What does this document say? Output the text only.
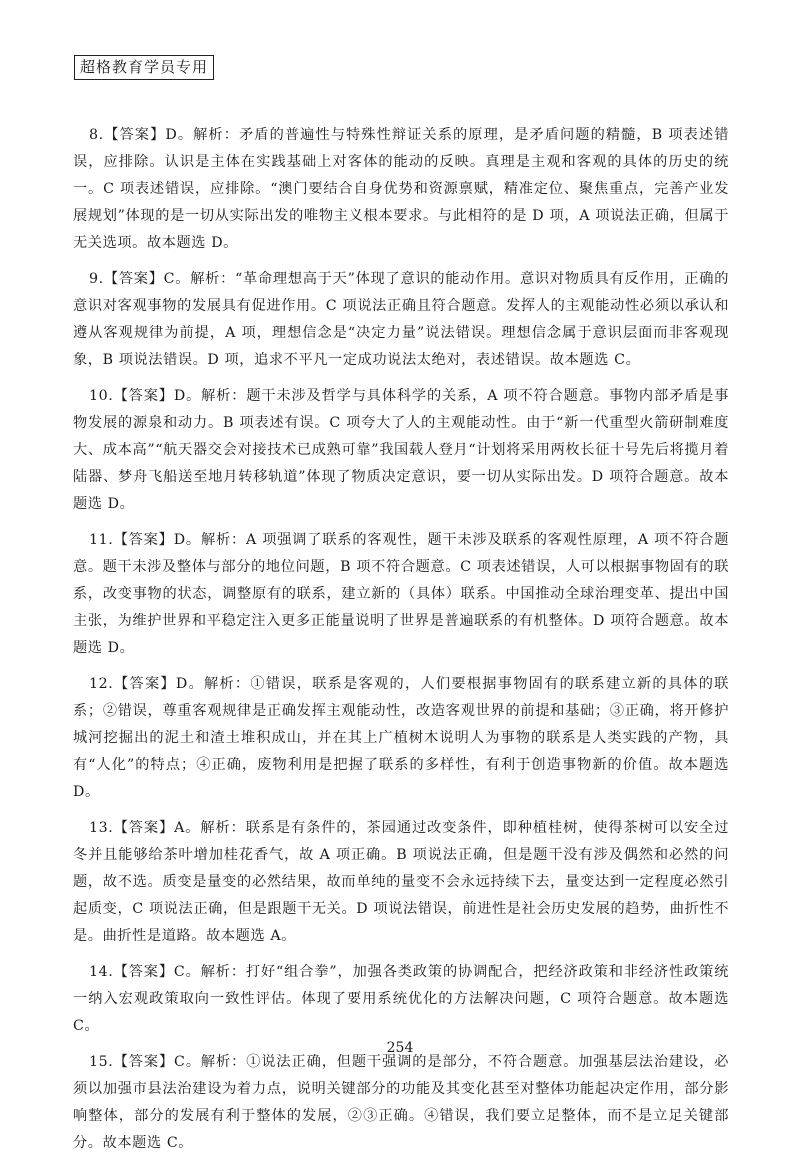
超格教育学员专用

8.【答案】D。解析：矛盾的普遍性与特殊性辩证关系的原理，是矛盾问题的精髓，B 项表述错误，应排除。认识是主体在实践基础上对客体的能动的反映。真理是主观和客观的具体的历史的统一。C 项表述错误，应排除。“澳门要结合自身优势和资源禀赋，精准定位、聚焦重点，完善产业发展规划”体现的是一切从实际出发的唯物主义根本要求。与此相符的是 D 项，A 项说法正确，但属于无关选项。故本题选 D。

9.【答案】C。解析：“革命理想高于天”体现了意识的能动作用。意识对物质具有反作用，正确的意识对客观事物的发展具有促进作用。C 项说法正确且符合题意。发挥人的主观能动性必须以承认和遵从客观规律为前提，A 项，理想信念是“决定力量”说法错误。理想信念属于意识层面而非客观现象，B 项说法错误。D 项，追求不平凡一定成功说法太绝对，表述错误。故本题选 C。

10.【答案】D。解析：题干未涉及哲学与具体科学的关系，A 项不符合题意。事物内部矛盾是事物发展的源泉和动力。B 项表述有误。C 项夸大了人的主观能动性。由于“新一代重型火箭研制难度大、成本高”“航天器交会对接技术已成熟可靠”我国载人登月“计划将采用两枚长征十号先后将揽月着陆器、梦舟飞船送至地月转移轨道”体现了物质决定意识，要一切从实际出发。D 项符合题意。故本题选 D。

11.【答案】D。解析：A 项强调了联系的客观性，题干未涉及联系的客观性原理，A 项不符合题意。题干未涉及整体与部分的地位问题，B 项不符合题意。C 项表述错误，人可以根据事物固有的联系，改变事物的状态，调整原有的联系，建立新的（具体）联系。中国推动全球治理变革、提出中国主张，为维护世界和平稳定注入更多正能量说明了世界是普遍联系的有机整体。D 项符合题意。故本题选 D。

12.【答案】D。解析：①错误，联系是客观的，人们要根据事物固有的联系建立新的具体的联系；②错误，尊重客观规律是正确发挥主观能动性，改造客观世界的前提和基础；③正确，将开修护城河挖掘出的泥土和渣土堆积成山，并在其上广植树木说明人为事物的联系是人类实践的产物，具有“人化”的特点；④正确，废物利用是把握了联系的多样性，有利于创造事物新的价值。故本题选 D。

13.【答案】A。解析：联系是有条件的，茶园通过改变条件，即种植桂树，使得茶树可以安全过冬并且能够给茶叶增加桂花香气，故 A 项正确。B 项说法正确，但是题干没有涉及偶然和必然的问题，故不选。质变是量变的必然结果，故而单纯的量变不会永远持续下去，量变达到一定程度必然引起质变，C 项说法正确，但是跟题干无关。D 项说法错误，前进性是社会历史发展的趋势，曲折性不是。曲折性是道路。故本题选 A。

14.【答案】C。解析：打好“组合拳”，加强各类政策的协调配合，把经济政策和非经济性政策统一纳入宏观政策取向一致性评估。体现了要用系统优化的方法解决问题，C 项符合题意。故本题选 C。

15.【答案】C。解析：①说法正确，但题干强调的是部分，不符合题意。加强基层法治建设，必须以加强市县法治建设为着力点，说明关键部分的功能及其变化甚至对整体功能起决定作用，部分影响整体，部分的发展有利于整体的发展，②③正确。④错误，我们要立足整体，而不是立足关键部分。故本题选 C。

254
